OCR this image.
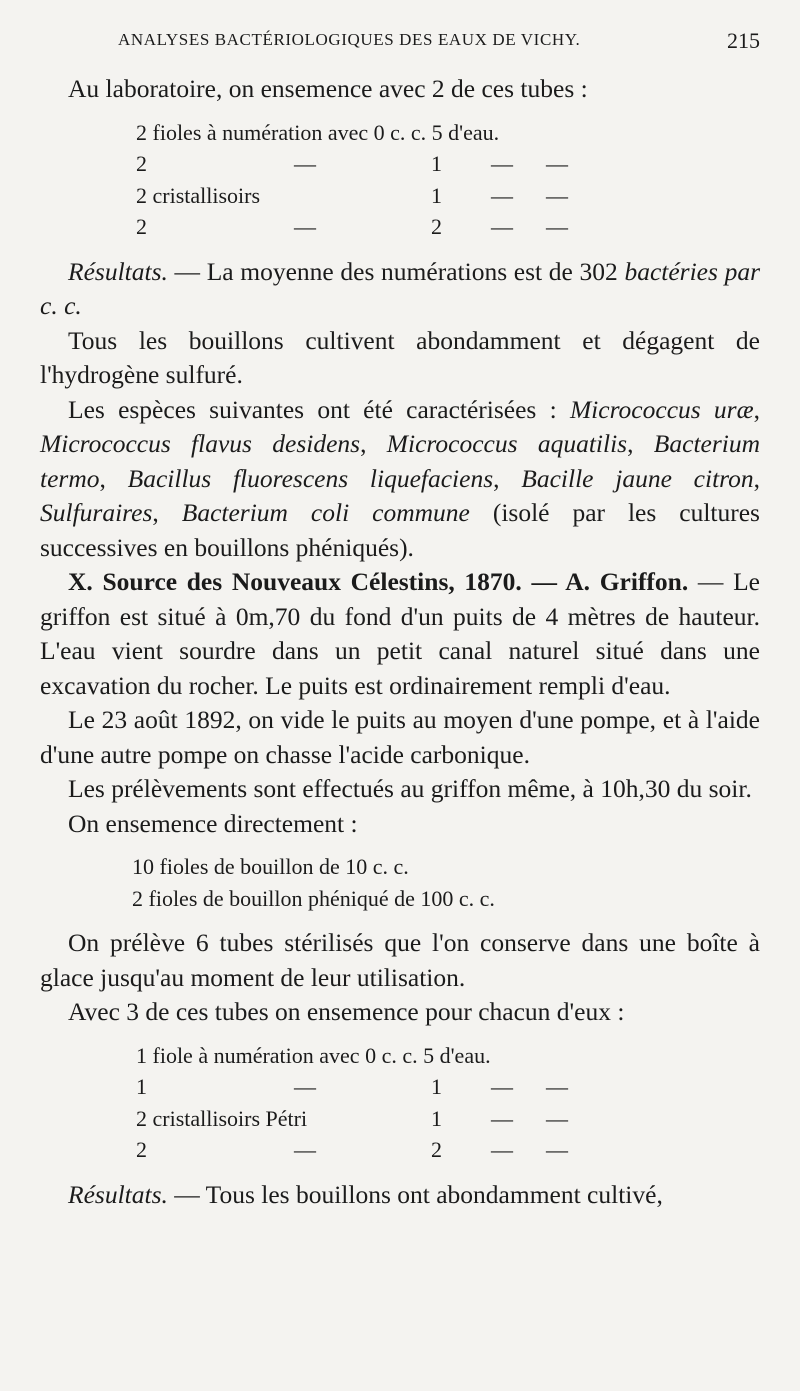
ANALYSES BACTÉRIOLOGIQUES DES EAUX DE VICHY.	215

Au laboratoire, on ensemence avec 2 de ces tubes :

2 fioles à numération avec 0 c. c. 5 d'eau.
2	—	1 — —
2 cristallisoirs	1 — —
2	—	2 — —

Résultats. — La moyenne des numérations est de 302 bactéries par c. c.

Tous les bouillons cultivent abondamment et dégagent de l'hydrogène sulfuré.

Les espèces suivantes ont été caractérisées : Micrococcus uræ, Micrococcus flavus desidens, Micrococcus aquatilis, Bacterium termo, Bacillus fluorescens liquefaciens, Bacille jaune citron, Sulfuraires, Bacterium coli commune (isolé par les cultures successives en bouillons phéniqués).

X. Source des Nouveaux Célestins, 1870. — A. Griffon. — Le griffon est situé à 0m,70 du fond d'un puits de 4 mètres de hauteur. L'eau vient sourdre dans un petit canal naturel situé dans une excavation du rocher. Le puits est ordinairement rempli d'eau.

Le 23 août 1892, on vide le puits au moyen d'une pompe, et à l'aide d'une autre pompe on chasse l'acide carbonique.

Les prélèvements sont effectués au griffon même, à 10h,30 du soir.

On ensemence directement :

10 fioles de bouillon de 10 c. c.
2 fioles de bouillon phéniqué de 100 c. c.

On prélève 6 tubes stérilisés que l'on conserve dans une boîte à glace jusqu'au moment de leur utilisation.

Avec 3 de ces tubes on ensemence pour chacun d'eux :

1 fiole à numération avec 0 c. c. 5 d'eau.
1	—	1 — —
2 cristallisoirs Pétri	1 — —
2	—	2 — —

Résultats. — Tous les bouillons ont abondamment cultivé,
